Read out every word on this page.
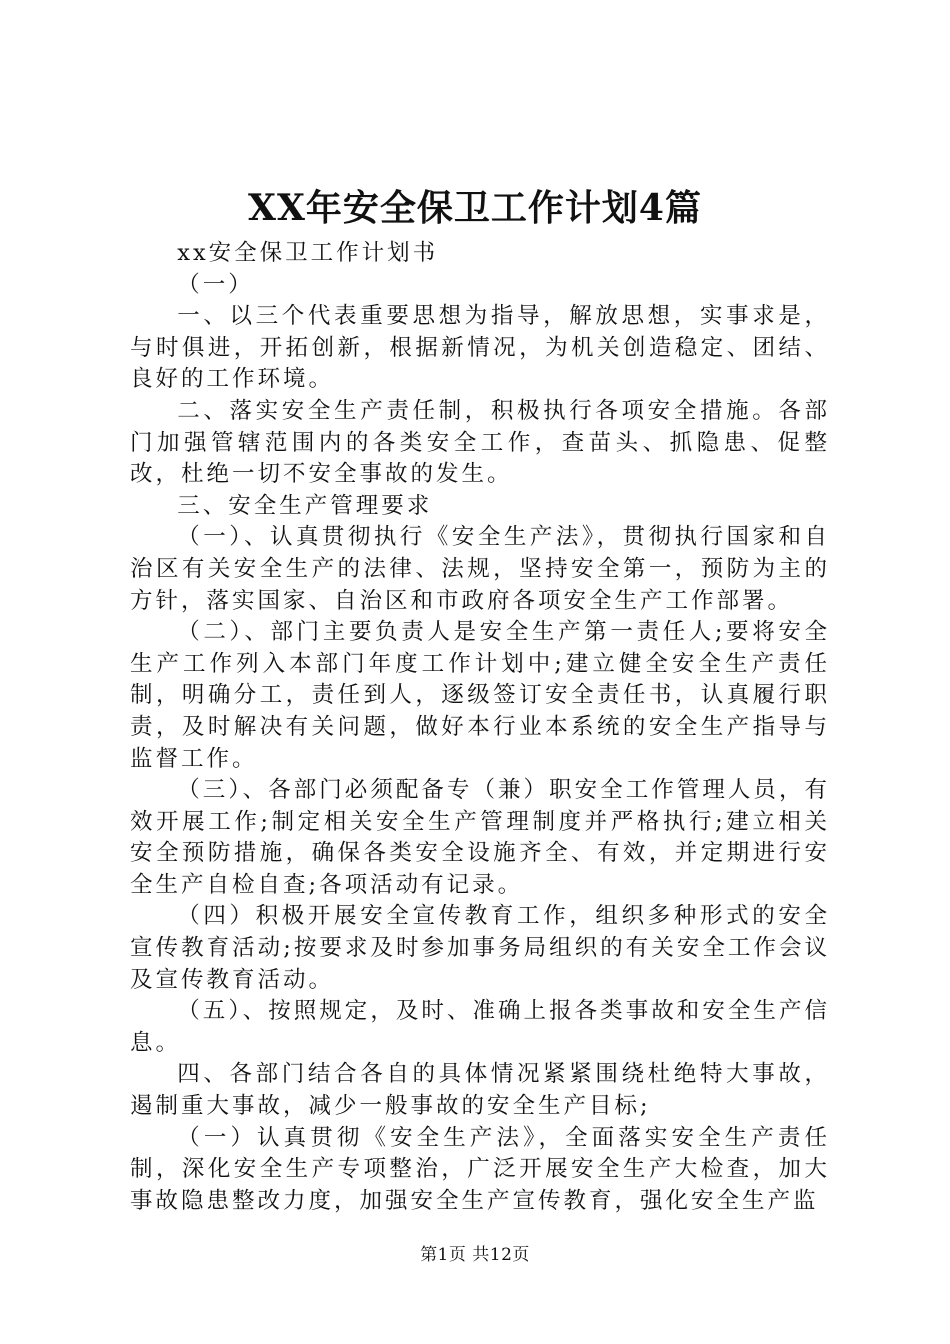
XX年安全保卫工作计划4篇

xx安全保卫工作计划书

（一）

一、以三个代表重要思想为指导，解放思想，实事求是，与时俱进，开拓创新，根据新情况，为机关创造稳定、团结、良好的工作环境。

二、落实安全生产责任制，积极执行各项安全措施。各部门加强管辖范围内的各类安全工作，查苗头、抓隐患、促整改，杜绝一切不安全事故的发生。

三、安全生产管理要求

（一）、认真贯彻执行《安全生产法》，贯彻执行国家和自治区有关安全生产的法律、法规，坚持安全第一，预防为主的方针，落实国家、自治区和市政府各项安全生产工作部署。

（二）、部门主要负责人是安全生产第一责任人;要将安全生产工作列入本部门年度工作计划中;建立健全安全生产责任制，明确分工，责任到人，逐级签订安全责任书，认真履行职责，及时解决有关问题，做好本行业本系统的安全生产指导与监督工作。

（三）、各部门必须配备专（兼）职安全工作管理人员，有效开展工作;制定相关安全生产管理制度并严格执行;建立相关安全预防措施，确保各类安全设施齐全、有效，并定期进行安全生产自检自查;各项活动有记录。

（四）积极开展安全宣传教育工作，组织多种形式的安全宣传教育活动;按要求及时参加事务局组织的有关安全工作会议及宣传教育活动。

（五）、按照规定，及时、准确上报各类事故和安全生产信息。

四、各部门结合各自的具体情况紧紧围绕杜绝特大事故，遏制重大事故，减少一般事故的安全生产目标;

（一）认真贯彻《安全生产法》，全面落实安全生产责任制，深化安全生产专项整治，广泛开展安全生产大检查，加大事故隐患整改力度，加强安全生产宣传教育，强化安全生产监

第1页 共12页
